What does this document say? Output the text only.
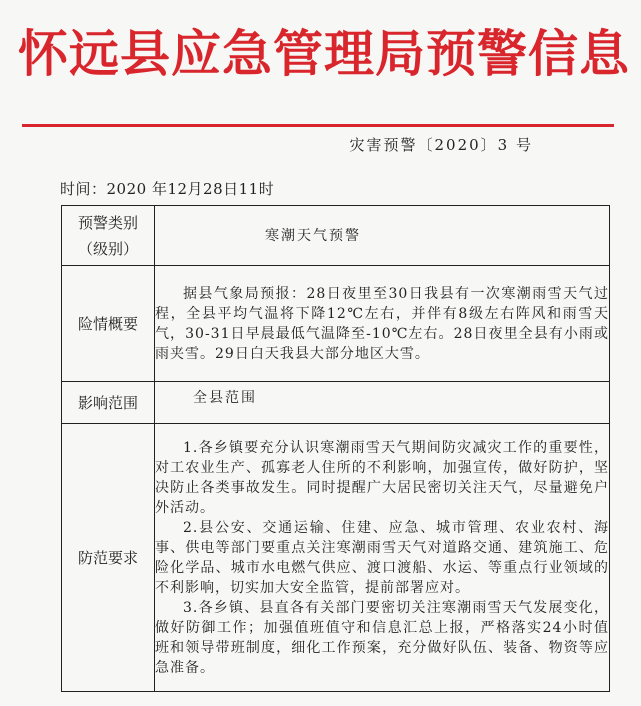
怀远县应急管理局预警信息
灾害预警〔2020〕3 号
时间：2020 年12月28日11时
预警类别
（级别）	寒潮天气预警
险情概要	据县气象局预报：28日夜里至30日我县有一次寒潮雨雪天气过程，全县平均气温将下降12℃左右，并伴有8级左右阵风和雨雪天气，30-31日早晨最低气温降至-10℃左右。28日夜里全县有小雨或雨夹雪。29日白天我县大部分地区大雪。
影响范围	全县范围
防范要求	1.各乡镇要充分认识寒潮雨雪天气期间防灾减灾工作的重要性，对工农业生产、孤寡老人住所的不利影响，加强宣传，做好防护，坚决防止各类事故发生。同时提醒广大居民密切关注天气，尽量避免户外活动。

2.县公安、交通运输、住建、应急、城市管理、农业农村、海事、供电等部门要重点关注寒潮雨雪天气对道路交通、建筑施工、危险化学品、城市水电燃气供应、渡口渡船、水运、等重点行业领域的不利影响，切实加大安全监管，提前部署应对。

3.各乡镇、县直各有关部门要密切关注寒潮雨雪天气发展变化，做好防御工作；加强值班值守和信息汇总上报，严格落实24小时值班和领导带班制度，细化工作预案，充分做好队伍、装备、物资等应急准备。
